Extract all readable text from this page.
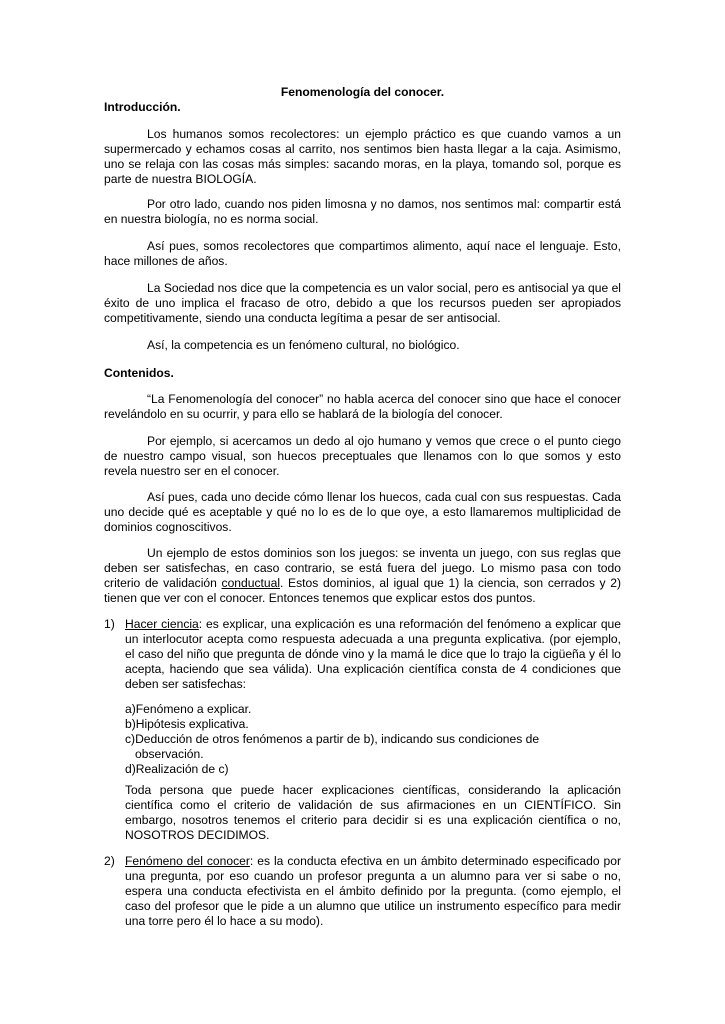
Fenomenología del conocer.
Introducción.
Los humanos somos recolectores: un ejemplo práctico es que cuando vamos a un supermercado y echamos cosas al carrito, nos sentimos bien hasta llegar a la caja. Asimismo, uno se relaja con las cosas más simples: sacando moras, en la playa, tomando sol, porque es parte de nuestra BIOLOGÍA.
Por otro lado, cuando nos piden limosna y no damos, nos sentimos mal: compartir está en nuestra biología, no es norma social.
Así pues, somos recolectores que compartimos alimento, aquí nace el lenguaje. Esto, hace millones de años.
La Sociedad nos dice que la competencia es un valor social, pero es antisocial ya que el éxito de uno implica el fracaso de otro, debido a que los recursos pueden ser apropiados competitivamente, siendo una conducta legítima a pesar de ser antisocial.
Así, la competencia es un fenómeno cultural, no biológico.
Contenidos.
“La Fenomenología del conocer” no habla acerca del conocer sino que hace el conocer revelándolo en su ocurrir, y para ello se hablará de la biología del conocer.
Por ejemplo, si acercamos un dedo al ojo humano y vemos que crece o el punto ciego de nuestro campo visual, son huecos preceptuales que llenamos con lo que somos y esto revela nuestro ser en el conocer.
Así pues, cada uno decide cómo llenar los huecos, cada cual con sus respuestas. Cada uno decide qué es aceptable y qué no lo es de lo que oye, a esto llamaremos multiplicidad de dominios cognoscitivos.
Un ejemplo de estos dominios son los juegos: se inventa un juego, con sus reglas que deben ser satisfechas, en caso contrario, se está fuera del juego. Lo mismo pasa con todo criterio de validación conductual. Estos dominios, al igual que 1) la ciencia, son cerrados y 2) tienen que ver con el conocer. Entonces tenemos que explicar estos dos puntos.
1) Hacer ciencia: es explicar, una explicación es una reformación del fenómeno a explicar que un interlocutor acepta como respuesta adecuada a una pregunta explicativa. (por ejemplo, el caso del niño que pregunta de dónde vino y la mamá le dice que lo trajo la cigüeña y él lo acepta, haciendo que sea válida). Una explicación científica consta de 4 condiciones que deben ser satisfechas:
a)Fenómeno a explicar.
b)Hipótesis explicativa.
c)Deducción de otros fenómenos a partir de b), indicando sus condiciones de
observación.
d)Realización de c)
Toda persona que puede hacer explicaciones científicas, considerando la aplicación científica como el criterio de validación de sus afirmaciones en un CIENTÍFICO. Sin embargo, nosotros tenemos el criterio para decidir si es una explicación científica o no, NOSOTROS DECIDIMOS.
2) Fenómeno del conocer: es la conducta efectiva en un ámbito determinado especificado por una pregunta, por eso cuando un profesor pregunta a un alumno para ver si sabe o no, espera una conducta efectivista en el ámbito definido por la pregunta. (como ejemplo, el caso del profesor que le pide a un alumno que utilice un instrumento específico para medir una torre pero él lo hace a su modo).
